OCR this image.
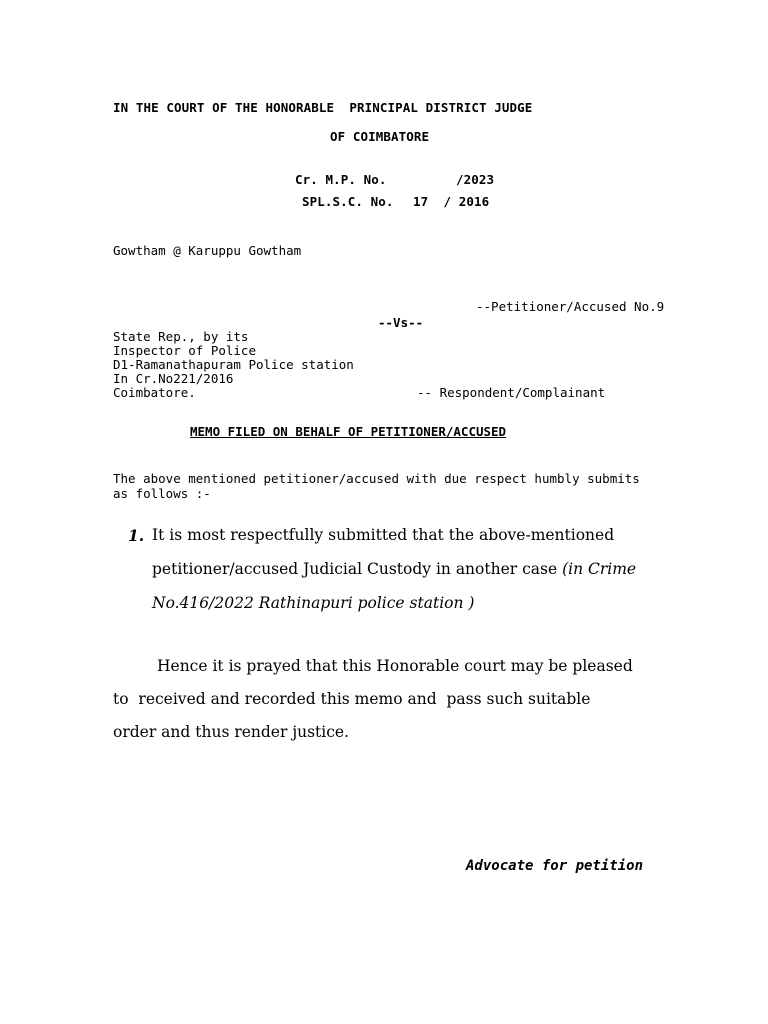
IN THE COURT OF THE HONORABLE  PRINCIPAL DISTRICT JUDGE
OF COIMBATORE
Cr. M.P. No.	/2023
SPL.S.C. No. 17  / 2016
Gowtham @ Karuppu Gowtham
--Petitioner/Accused No.9
--Vs--
State Rep., by its
Inspector of Police
D1-Ramanathapuram Police station
In Cr.No221/2016
Coimbatore.	-- Respondent/Complainant
MEMO FILED ON BEHALF OF PETITIONER/ACCUSED
The above mentioned petitioner/accused with due respect humbly submits
as follows :-
1. It is most respectfully submitted that the above-mentioned
petitioner/accused Judicial Custody in another case (in Crime
No.416/2022 Rathinapuri police station )
Hence it is prayed that this Honorable court may be pleased
to  received and recorded this memo and  pass such suitable
order and thus render justice.
Advocate for petition
